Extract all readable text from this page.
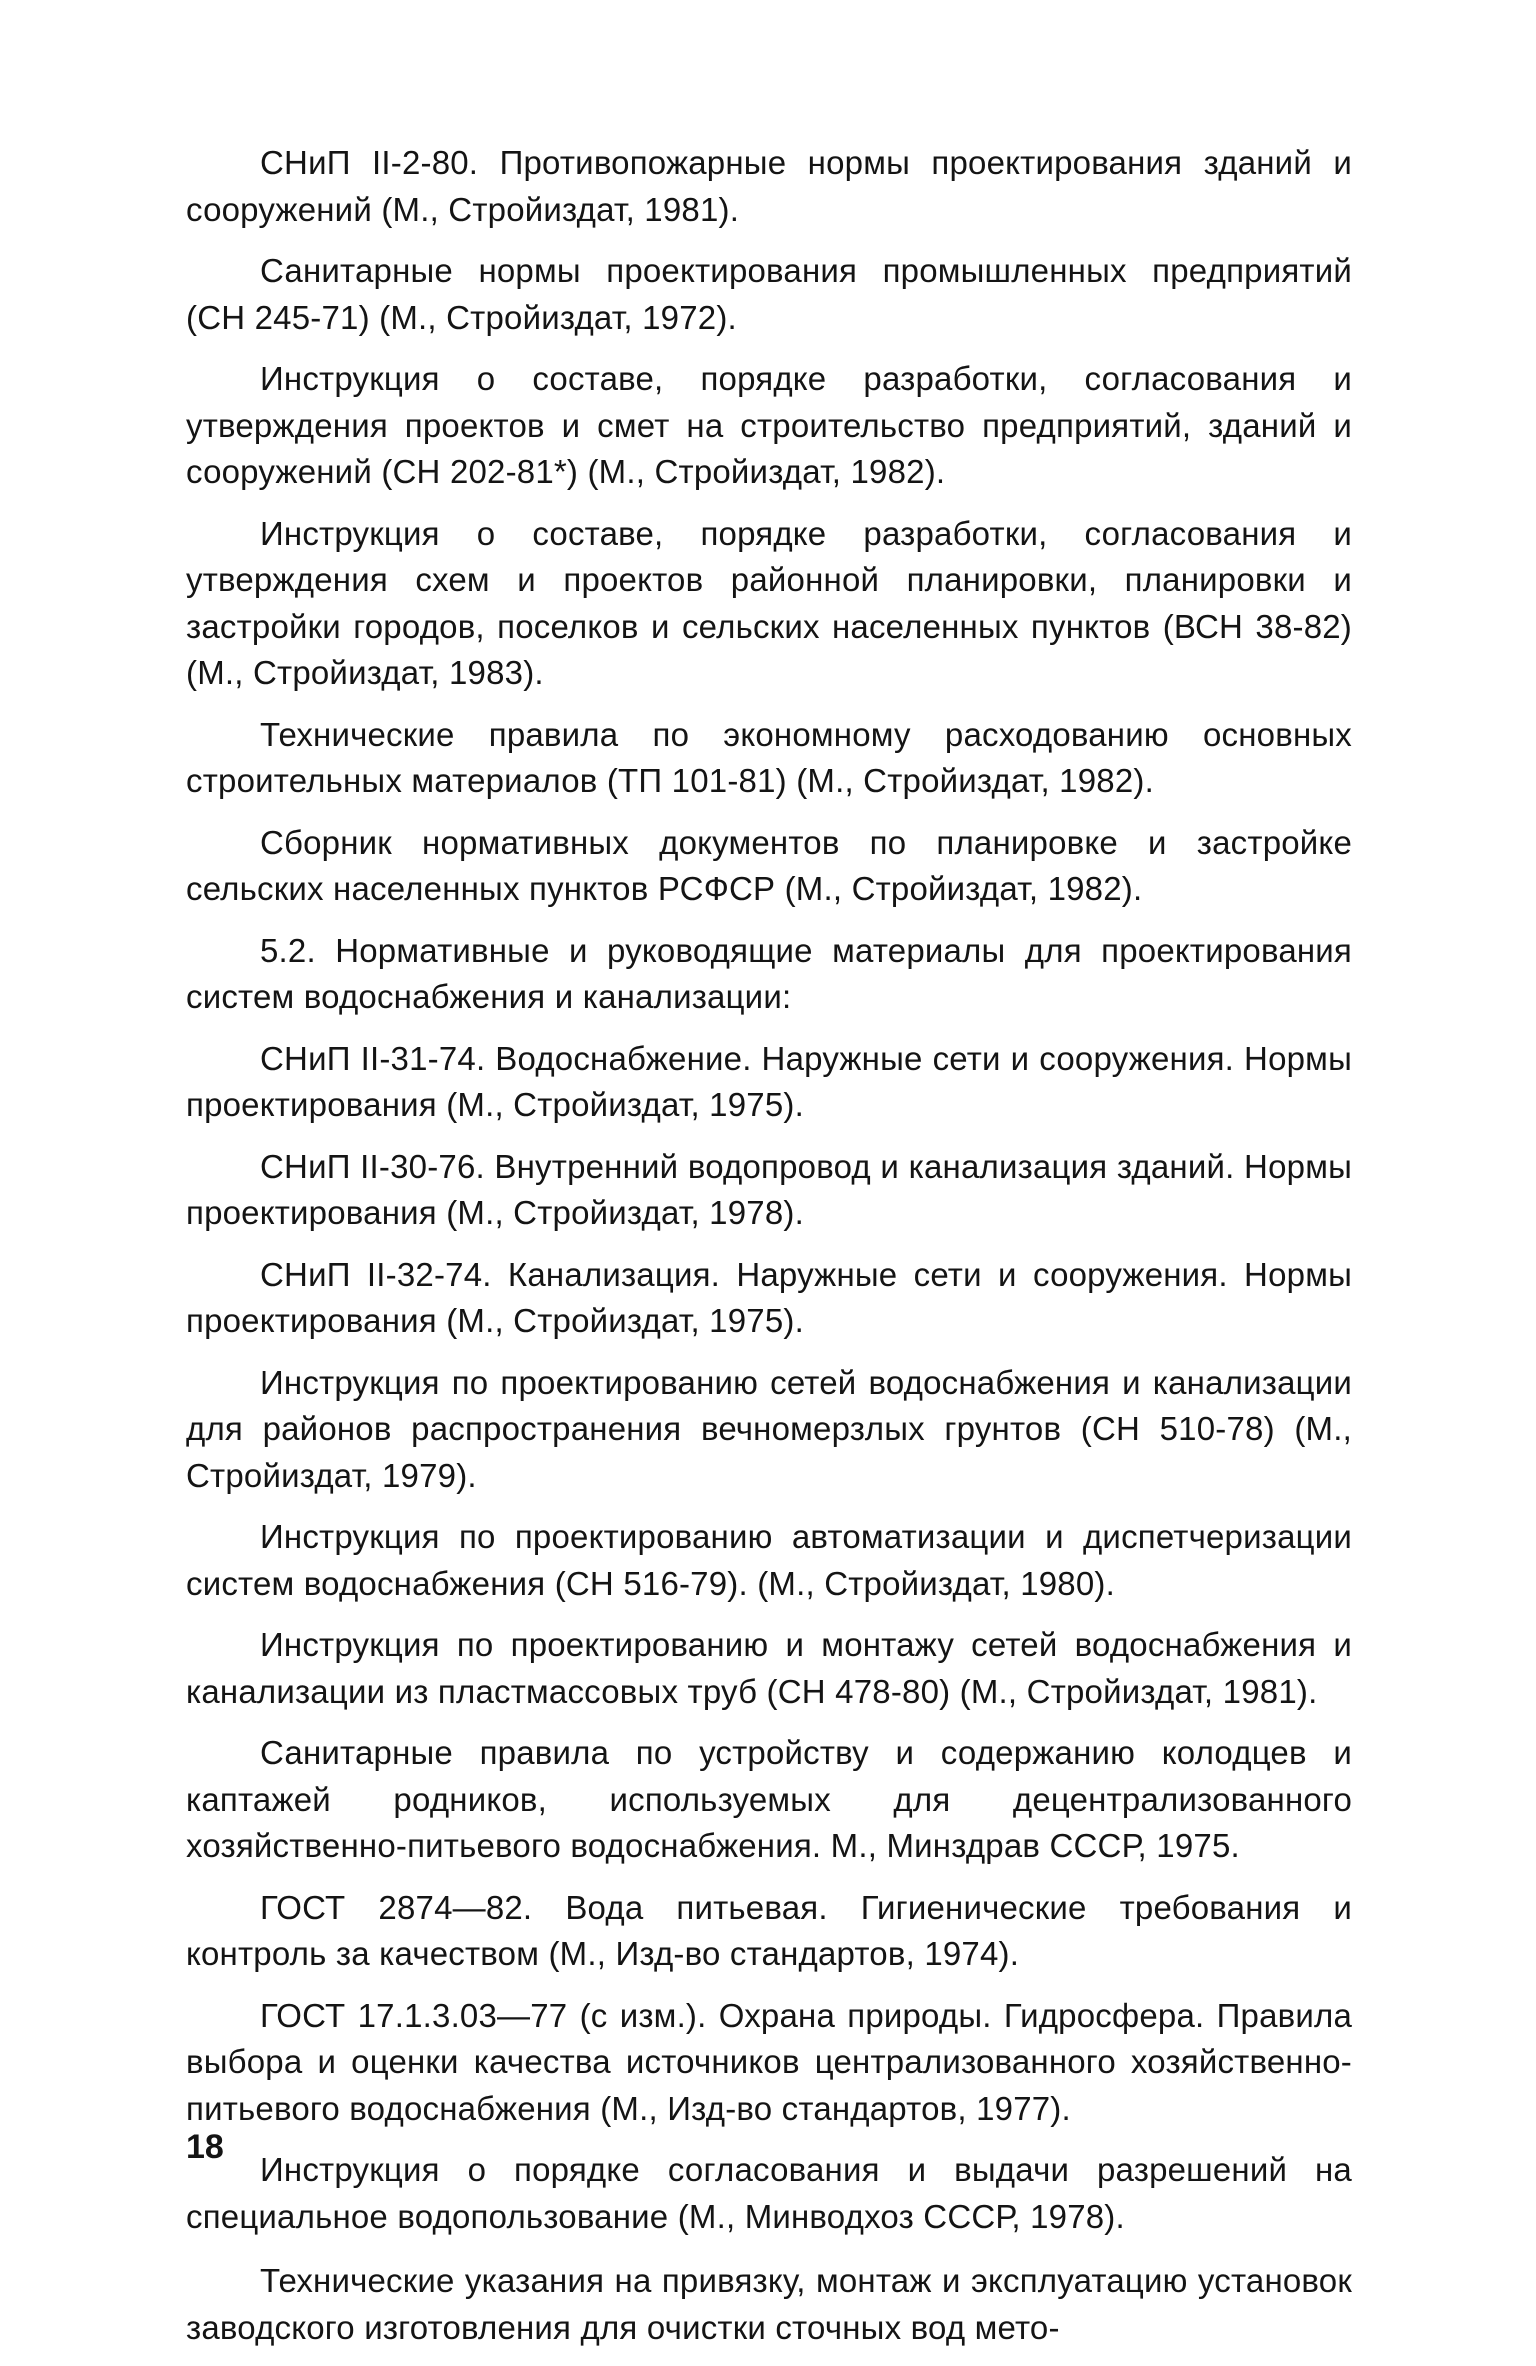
СНиП II-2-80. Противопожарные нормы проектирования зданий и сооружений (М., Стройиздат, 1981).

Санитарные нормы проектирования промышленных предприятий (СН 245-71) (М., Стройиздат, 1972).

Инструкция о составе, порядке разработки, согласования и утверждения проектов и смет на строительство предприятий, зданий и сооружений (СН 202-81*) (М., Стройиздат, 1982).

Инструкция о составе, порядке разработки, согласования и утверждения схем и проектов районной планировки, планировки и застройки городов, поселков и сельских населенных пунктов (ВСН 38-82) (М., Стройиздат, 1983).

Технические правила по экономному расходованию основных строительных материалов (ТП 101-81) (М., Стройиздат, 1982).

Сборник нормативных документов по планировке и застройке сельских населенных пунктов РСФСР (М., Стройиздат, 1982).

5.2. Нормативные и руководящие материалы для проектирования систем водоснабжения и канализации:

СНиП II-31-74. Водоснабжение. Наружные сети и сооружения. Нормы проектирования (М., Стройиздат, 1975).

СНиП II-30-76. Внутренний водопровод и канализация зданий. Нормы проектирования (М., Стройиздат, 1978).

СНиП II-32-74. Канализация. Наружные сети и сооружения. Нормы проектирования (М., Стройиздат, 1975).

Инструкция по проектированию сетей водоснабжения и канализации для районов распространения вечномерзлых грунтов (СН 510-78) (М., Стройиздат, 1979).

Инструкция по проектированию автоматизации и диспетчеризации систем водоснабжения (СН 516-79). (М., Стройиздат, 1980).

Инструкция по проектированию и монтажу сетей водоснабжения и канализации из пластмассовых труб (СН 478-80) (М., Стройиздат, 1981).

Санитарные правила по устройству и содержанию колодцев и каптажей родников, используемых для децентрализованного хозяйственно-питьевого водоснабжения. М., Минздрав СССР, 1975.

ГОСТ 2874—82. Вода питьевая. Гигиенические требования и контроль за качеством (М., Изд-во стандартов, 1974).

ГОСТ 17.1.3.03—77 (с изм.). Охрана природы. Гидросфера. Правила выбора и оценки качества источников централизованного хозяйственно-питьевого водоснабжения (М., Изд-во стандартов, 1977).

Инструкция о порядке согласования и выдачи разрешений на специальное водопользование (М., Минводхоз СССР, 1978).

Технические указания на привязку, монтаж и эксплуатацию установок заводского изготовления для очистки сточных вод мето-

18
